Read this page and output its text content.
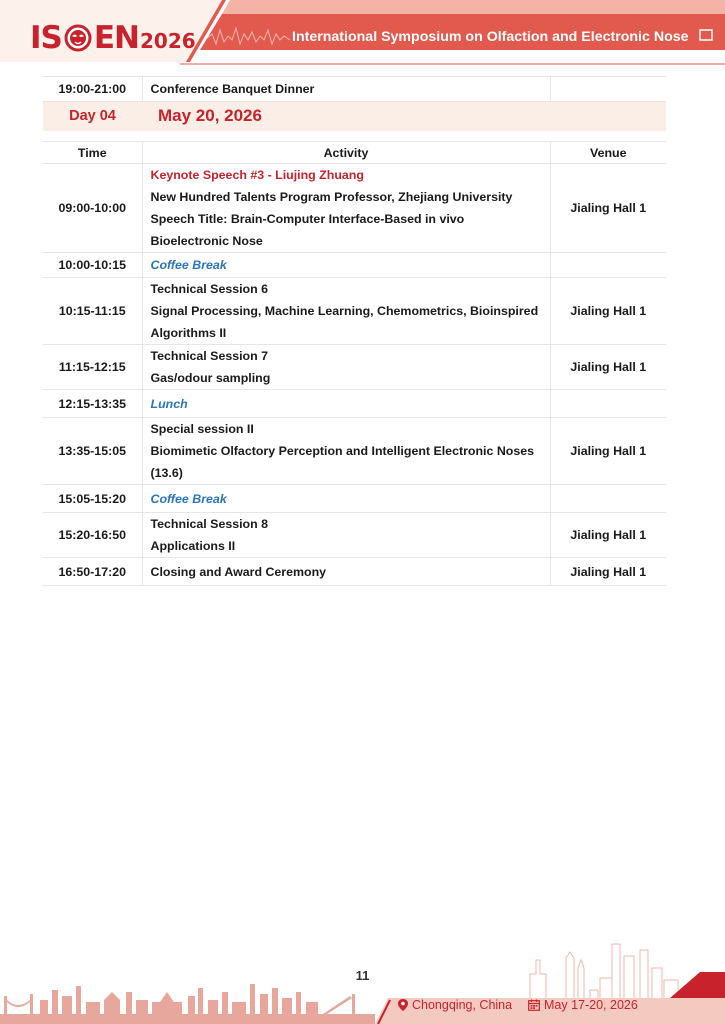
IS EN 2026	International Symposium on Olfaction and Electronic Nose
19:00-21:00	Conference Banquet Dinner	
Day 04	May 20, 2026	

Time	Activity	Venue
09:00-10:00	Keynote Speech #3 - Liujing Zhuang
New Hundred Talents Program Professor, Zhejiang University
Speech Title: Brain-Computer Interface-Based in vivo
Bioelectronic Nose	Jialing Hall 1
10:00-10:15	Coffee Break	

10:15-11:15	Technical Session 6
Signal Processing, Machine Learning, Chemometrics, Bioinspired
Algorithms II	Jialing Hall 1
11:15-12:15	Technical Session 7
Gas/odour sampling	Jialing Hall 1
12:15-13:35	Lunch	

13:35-15:05	Special session II
Biomimetic Olfactory Perception and Intelligent Electronic Noses
(13.6)	Jialing Hall 1
15:05-15:20	Coffee Break	

15:20-16:50	Technical Session 8
Applications II	Jialing Hall 1
16:50-17:20	Closing and Award Ceremony	Jialing Hall 1
11
Chongqing, China	May 17-20, 2026
